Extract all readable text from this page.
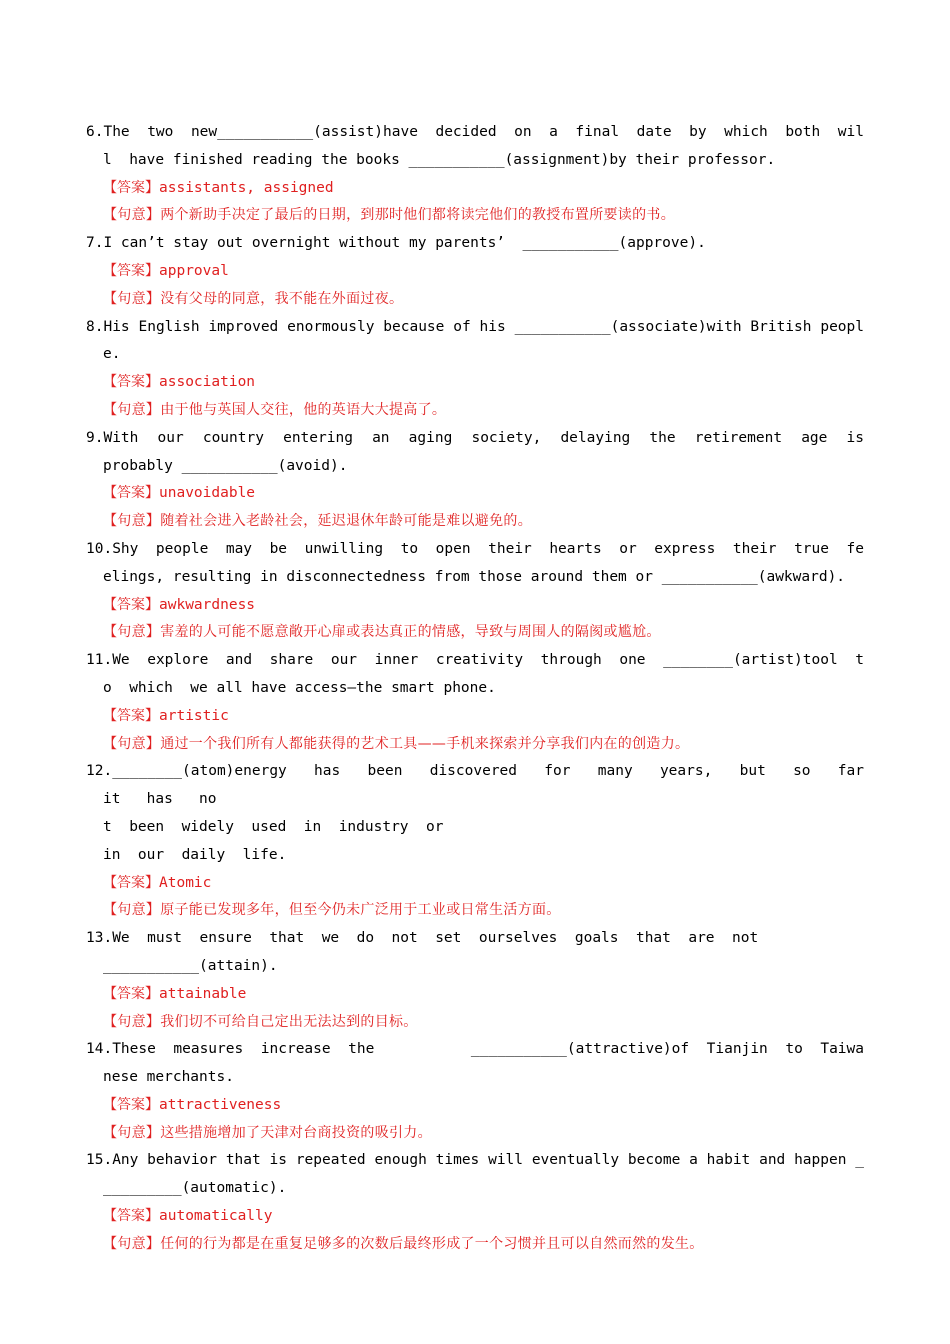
6.The  two  new___________(assist)have  decided  on  a  final  date  by  which  both  will  have finished reading the books ___________(assignment)by their professor.
【答案】assistants, assigned
【句意】两个新助手决定了最后的日期，到那时他们都将读完他们的教授布置所要读的书。
7.I can’t stay out overnight without my parents’  ___________(approve).
【答案】approval
【句意】没有父母的同意，我不能在外面过夜。
8.His English improved enormously because of his ___________(associate)with British people.
【答案】association
【句意】由于他与英国人交往，他的英语大大提高了。
9.With  our  country  entering  an  aging  society,  delaying  the  retirement  age  is  probably ___________(avoid).
【答案】unavoidable
【句意】随着社会进入老龄社会，延迟退休年龄可能是难以避免的。
10.Shy  people  may  be  unwilling  to  open  their  hearts  or  express  their  true  feelings, resulting in disconnectedness from those around them or ___________(awkward).
【答案】awkwardness
【句意】害羞的人可能不愿意敞开心扉或表达真正的情感，导致与周围人的隔阂或尴尬。
11.We  explore  and  share  our  inner  creativity  through  one  ________(artist)tool  to  which  we all have access—the smart phone.
【答案】artistic
【句意】通过一个我们所有人都能获得的艺术工具——手机来探索并分享我们内在的创造力。
12.________(atom)energy   has   been   discovered   for   many   years,   but   so   far   it   has   no
t  been  widely  used  in  industry  or
in  our  daily  life.
【答案】Atomic
【句意】原子能已发现多年，但至今仍未广泛用于工业或日常生活方面。
13.We  must  ensure  that  we  do  not  set  ourselves  goals  that  are  not
___________(attain).
【答案】attainable
【句意】我们切不可给自己定出无法达到的目标。
14.These  measures  increase  the           ___________(attractive)of  Tianjin  to  Taiwanese merchants.
【答案】attractiveness
【句意】这些措施增加了天津对台商投资的吸引力。
15.Any behavior that is repeated enough times will eventually become a habit and happen __________(automatic).
【答案】automatically
【句意】任何的行为都是在重复足够多的次数后最终形成了一个习惯并且可以自然而然的发生。
